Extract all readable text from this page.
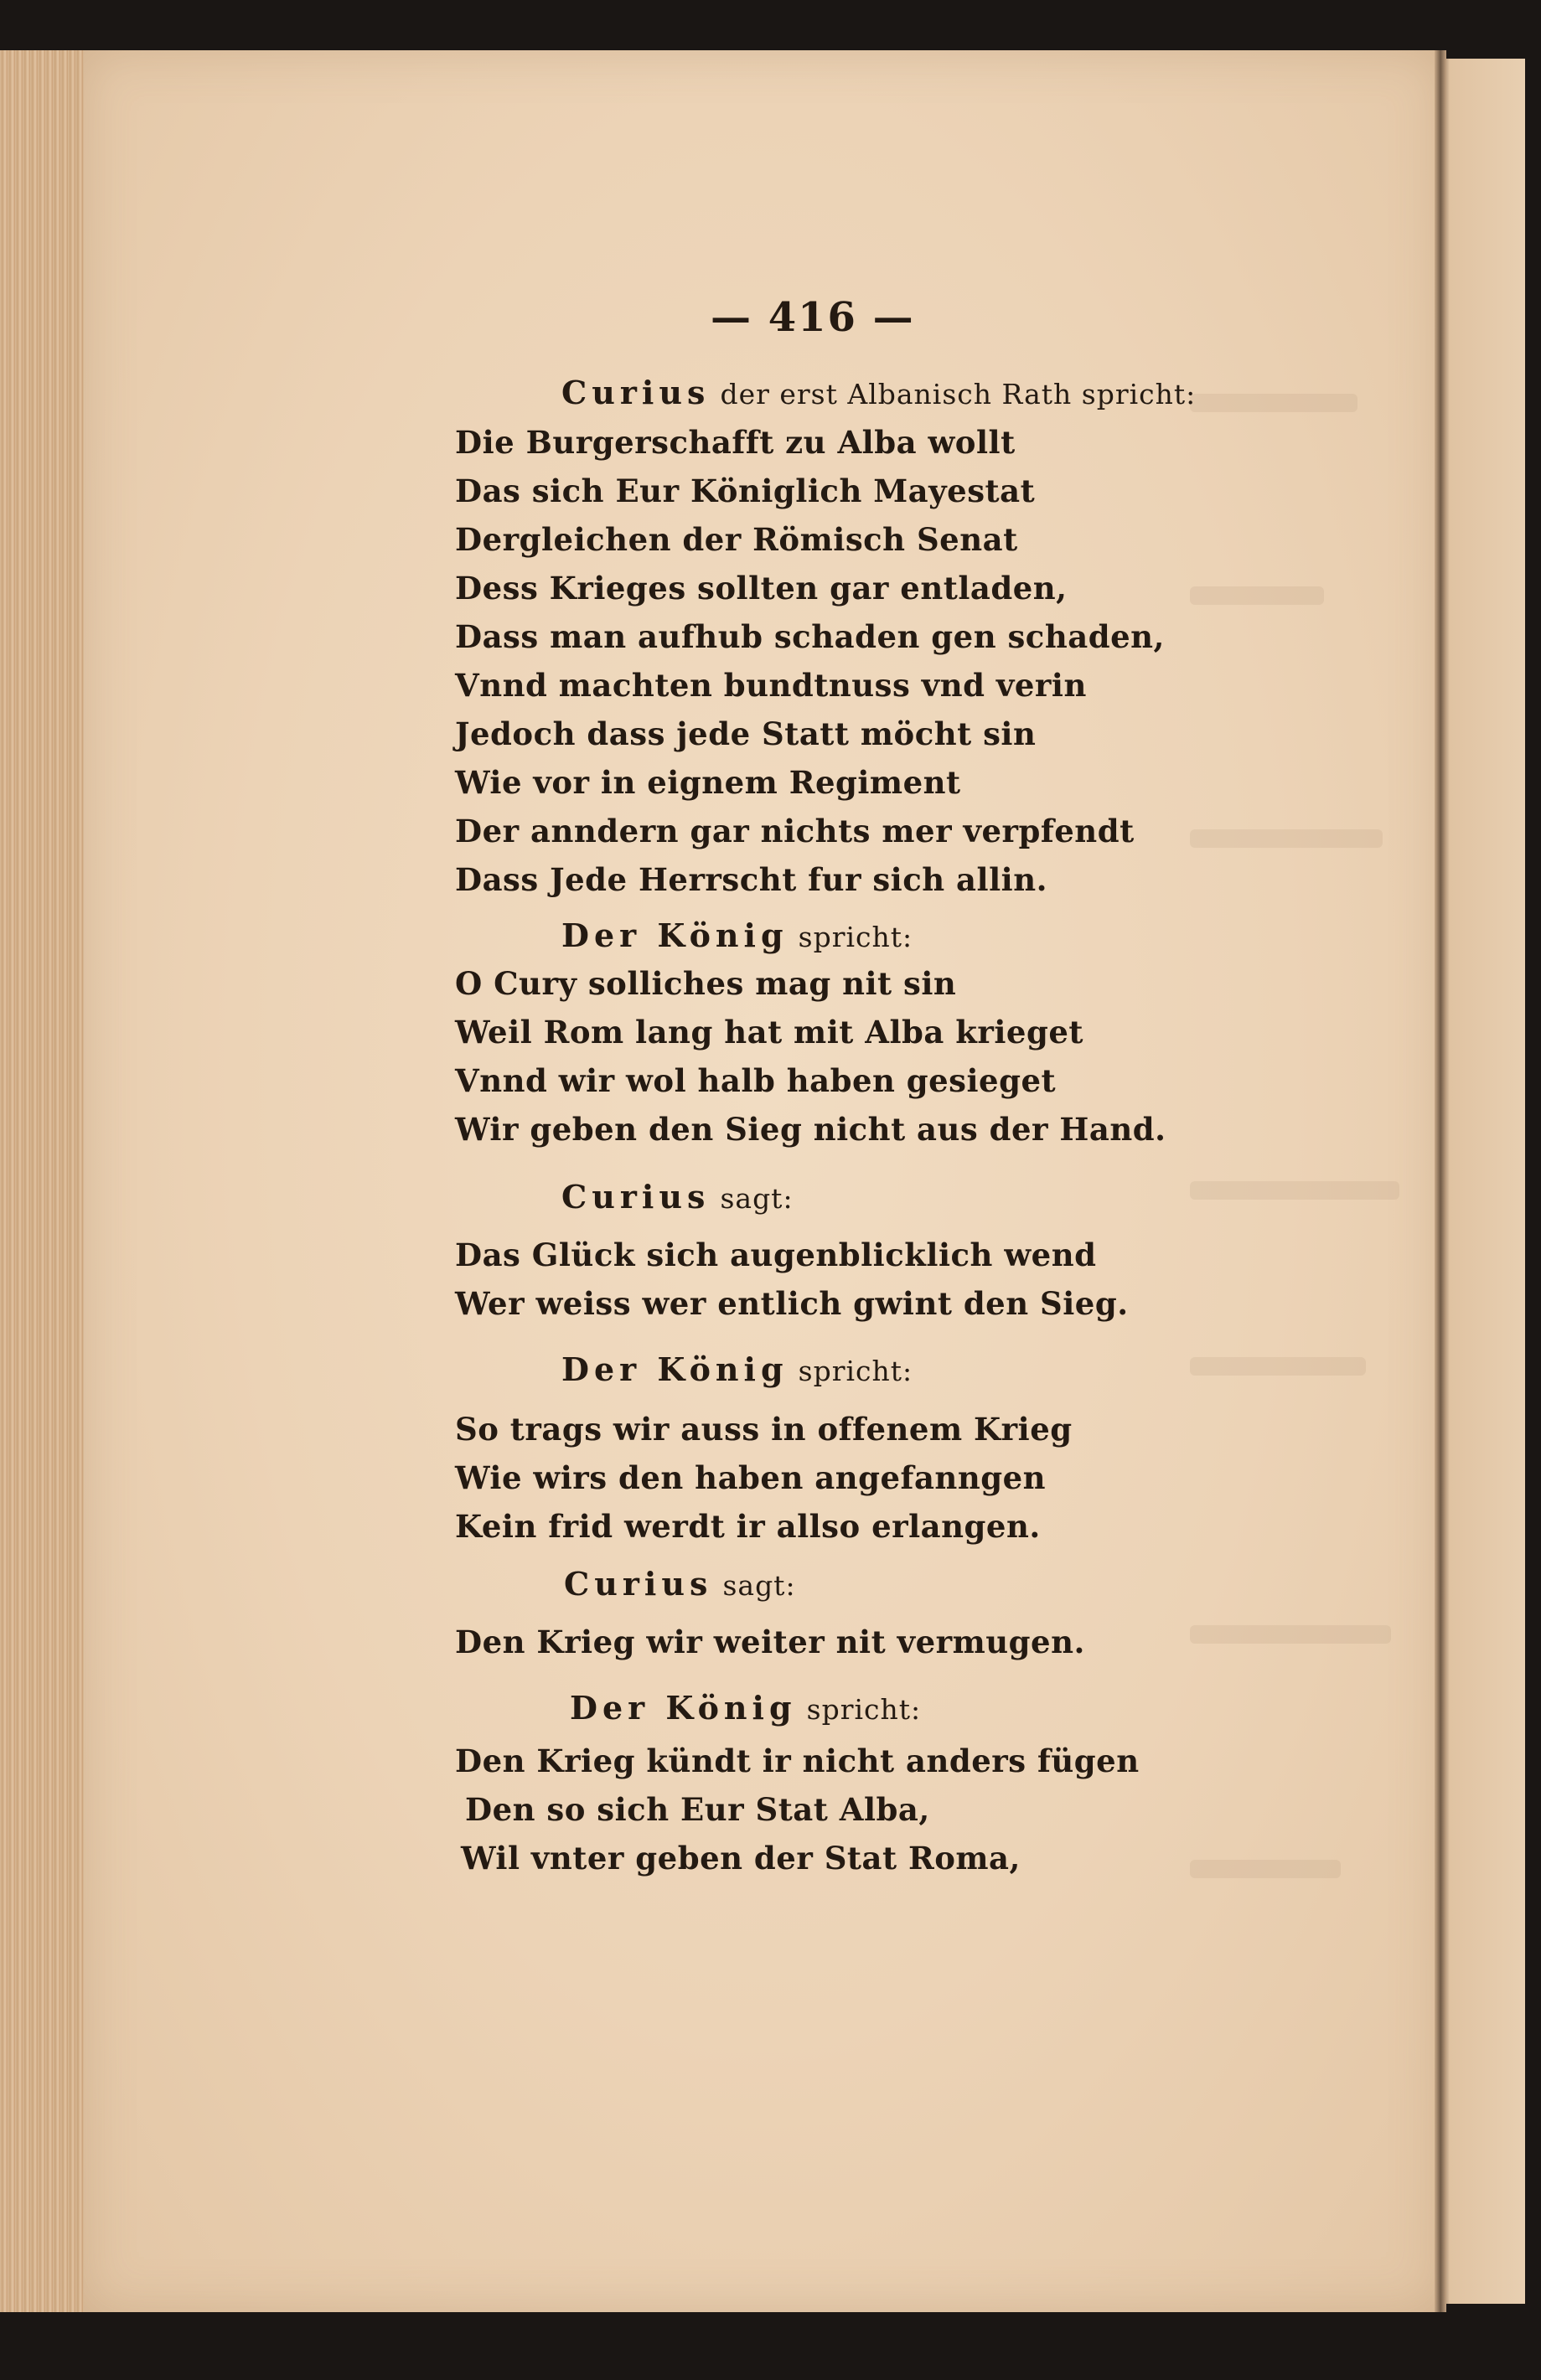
— 416 —
Curius der erst Albanisch Rath spricht:
Die Burgerschafft zu Alba wollt
Das sich Eur Königlich Mayestat
Dergleichen der Römisch Senat
Dess Krieges sollten gar entladen,
Dass man aufhub schaden gen schaden,
Vnnd machten bundtnuss vnd verin
Jedoch dass jede Statt möcht sin
Wie vor in eignem Regiment
Der anndern gar nichts mer verpfendt
Dass Jede Herrscht fur sich allin.
Der König spricht:
O Cury solliches mag nit sin
Weil Rom lang hat mit Alba krieget
Vnnd wir wol halb haben gesieget
Wir geben den Sieg nicht aus der Hand.
Curius sagt:
Das Glück sich augenblicklich wend
Wer weiss wer entlich gwint den Sieg.
Der König spricht:
So trags wir auss in offenem Krieg
Wie wirs den haben angefanngen
Kein frid werdt ir allso erlangen.
Curius sagt:
Den Krieg wir weiter nit vermugen.
Der König spricht:
Den Krieg kündt ir nicht anders fügen
Den so sich Eur Stat Alba,
Wil vnter geben der Stat Roma,
